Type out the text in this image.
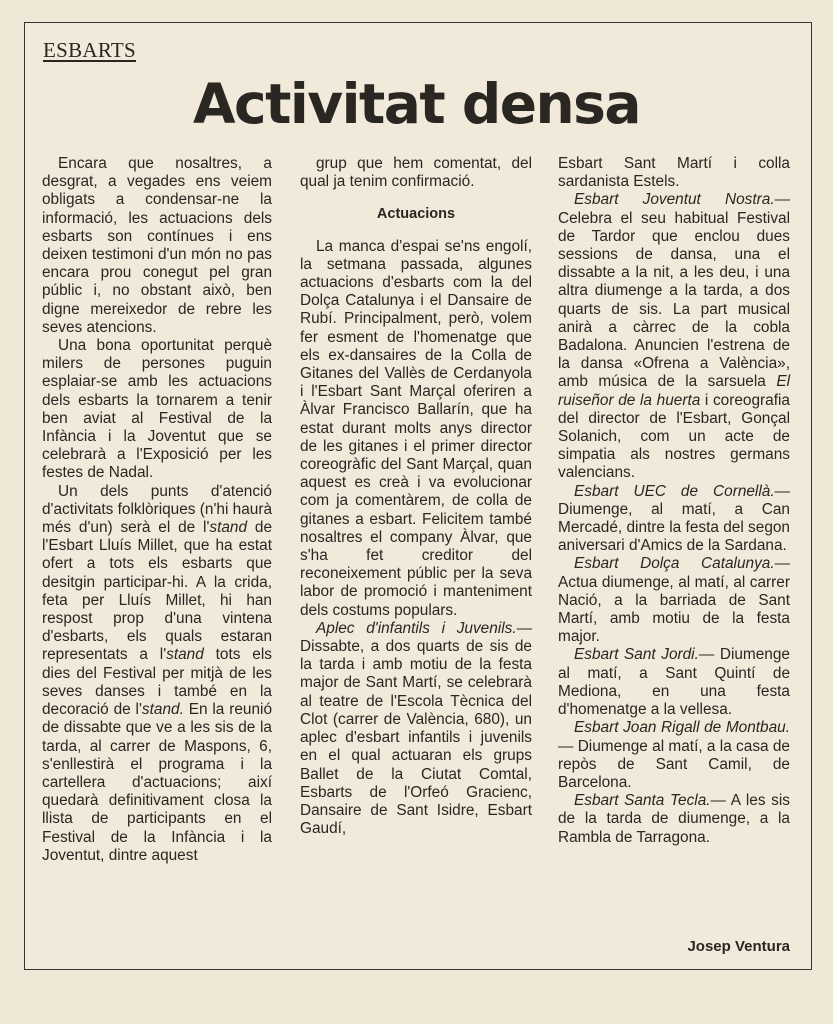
ESBARTS
Activitat densa

Encara que nosaltres, a desgrat, a vegades ens veiem obligats a condensar-ne la informació, les actuacions dels esbarts son contínues i ens deixen testimoni d'un món no pas encara prou conegut pel gran públic i, no obstant això, ben digne mereixedor de rebre les seves atencions.

Una bona oportunitat perquè milers de persones puguin esplaiar-se amb les actuacions dels esbarts la tornarem a tenir ben aviat al Festival de la Infància i la Joventut que se celebrarà a l'Exposició per les festes de Nadal.

Un dels punts d'atenció d'activitats folklòriques (n'hi haurà més d'un) serà el de l'stand de l'Esbart Lluís Millet, que ha estat ofert a tots els esbarts que desitgin participar-hi. A la crida, feta per Lluís Millet, hi han respost prop d'una vintena d'esbarts, els quals estaran representats a l'stand tots els dies del Festival per mitjà de les seves danses i també en la decoració de l'stand. En la reunió de dissabte que ve a les sis de la tarda, al carrer de Maspons, 6, s'enllestirà el programa i la cartellera d'actuacions; així quedarà definitivament closa la llista de participants en el Festival de la Infància i la Joventut, dintre aquest

grup que hem comentat, del qual ja tenim confirmació.

Actuacions

La manca d'espai se'ns engolí, la setmana passada, algunes actuacions d'esbarts com la del Dolça Catalunya i el Dansaire de Rubí. Principalment, però, volem fer esment de l'homenatge que els ex-dansaires de la Colla de Gitanes del Vallès de Cerdanyola i l'Esbart Sant Marçal oferiren a Àlvar Francisco Ballarín, que ha estat durant molts anys director de les gitanes i el primer director coreogràfic del Sant Marçal, quan aquest es creà i va evolucionar com ja comentàrem, de colla de gitanes a esbart. Felicitem també nosaltres el company Àlvar, que s'ha fet creditor del reconeixement públic per la seva labor de promoció i manteniment dels costums populars.

Aplec d'infantils i Juvenils.— Dissabte, a dos quarts de sis de la tarda i amb motiu de la festa major de Sant Martí, se celebrarà al teatre de l'Escola Tècnica del Clot (carrer de València, 680), un aplec d'esbart infantils i juvenils en el qual actuaran els grups Ballet de la Ciutat Comtal, Esbarts de l'Orfeó Gracienc, Dansaire de Sant Isidre, Esbart Gaudí,

Esbart Sant Martí i colla sardanista Estels.

Esbart Joventut Nostra.— Celebra el seu habitual Festival de Tardor que enclou dues sessions de dansa, una el dissabte a la nit, a les deu, i una altra diumenge a la tarda, a dos quarts de sis. La part musical anirà a càrrec de la cobla Badalona. Anuncien l'estrena de la dansa «Ofrena a València», amb música de la sarsuela El ruiseñor de la huerta i coreografia del director de l'Esbart, Gonçal Solanich, com un acte de simpatia als nostres germans valencians.

Esbart UEC de Cornellà.— Diumenge, al matí, a Can Mercadé, dintre la festa del segon aniversari d'Amics de la Sardana.

Esbart Dolça Catalunya.— Actua diumenge, al matí, al carrer Nació, a la barriada de Sant Martí, amb motiu de la festa major.

Esbart Sant Jordi.— Diumenge al matí, a Sant Quintí de Mediona, en una festa d'homenatge a la vellesa.

Esbart Joan Rigall de Montbau.— Diumenge al matí, a la casa de repòs de Sant Camil, de Barcelona.

Esbart Santa Tecla.— A les sis de la tarda de diumenge, a la Rambla de Tarragona.

Josep Ventura
